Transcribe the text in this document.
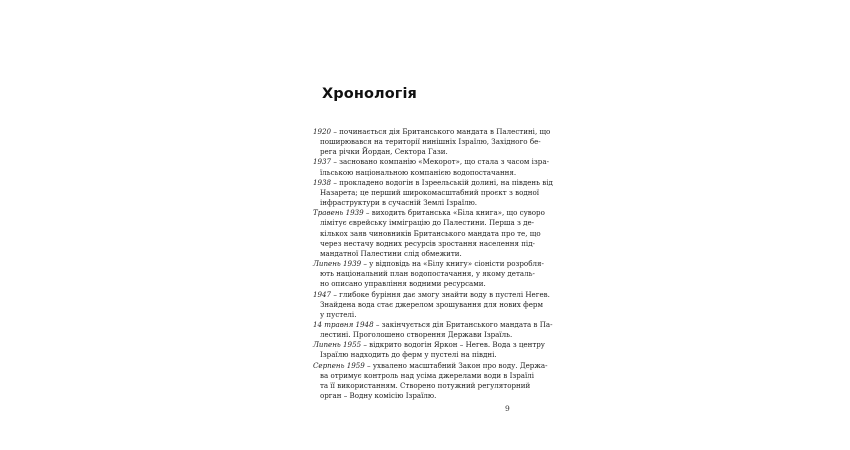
Хронологія
1920 – починається дія Британського мандата в Палестині, що
поширювався на території нинішніх Ізраїлю, Західного бе-
рега річки Йордан, Сектора Гази.
1937 – засновано компанію «Мекорот», що стала з часом ізра-
їльською національною компанією водопостачання.
1938 – прокладено водогін в Ізреельській долині, на південь від
Назарета; це перший широкомасштабний проєкт з водної
інфраструктури в сучасній Землі Ізраїлю.
Травень 1939 – виходить британська «Біла книга», що суворо
лімітує єврейську імміграцію до Палестини. Перша з де-
кількох заяв чиновників Британського мандата про те, що
через нестачу водних ресурсів зростання населення під-
мандатної Палестини слід обмежити.
Липень 1939 – у відповідь на «Білу книгу» сіоністи розробля-
ють національний план водопостачання, у якому деталь-
но описано управління водними ресурсами.
1947 – глибоке буріння дає змогу знайти воду в пустелі Негев.
Знайдена вода стає джерелом зрошування для нових ферм
у пустелі.
14 травня 1948 – закінчується дія Британського мандата в Па-
лестині. Проголошено створення Держави Ізраїль.
Липень 1955 – відкрито водогін Яркон – Негев. Вода з центру
Ізраїлю надходить до ферм у пустелі на півдні.
Серпень 1959 – ухвалено масштабний Закон про воду. Держа-
ва отримує контроль над усіма джерелами води в Ізраїлі
та її використанням. Створено потужний регуляторний
орган – Водну комісію Ізраїлю.
9
